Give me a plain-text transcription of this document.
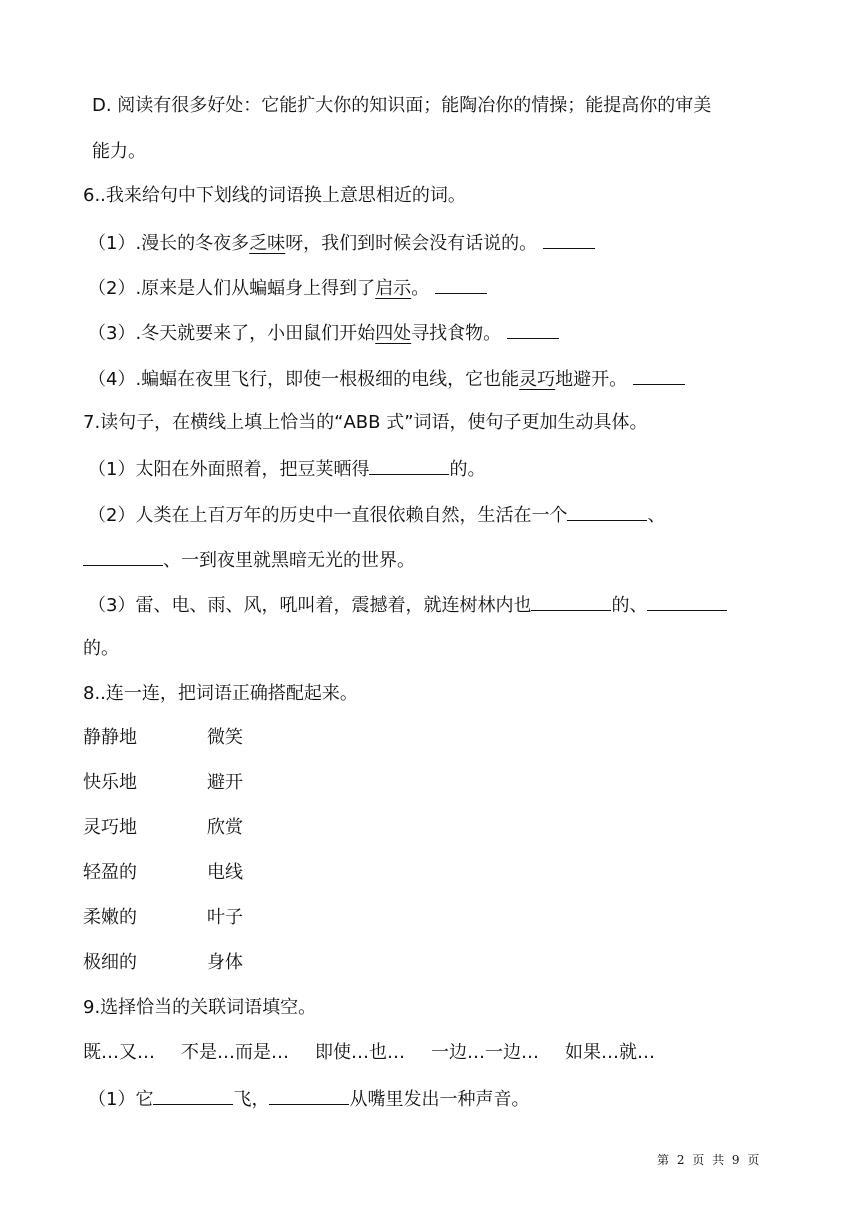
D. 阅读有很多好处：它能扩大你的知识面；能陶冶你的情操；能提高你的审美
能力。
6..我来给句中下划线的词语换上意思相近的词。
（1）.漫长的冬夜多乏味呀，我们到时候会没有话说的。
（2）.原来是人们从蝙蝠身上得到了启示。
（3）.冬天就要来了，小田鼠们开始四处寻找食物。
（4）.蝙蝠在夜里飞行，即使一根极细的电线，它也能灵巧地避开。
7.读句子，在横线上填上恰当的“ABB 式”词语，使句子更加生动具体。
（1）太阳在外面照着，把豆荚晒得	的。
（2）人类在上百万年的历史中一直很依赖自然，生活在一个	、
、一到夜里就黑暗无光的世界。
（3）雷、电、雨、风，吼叫着，震撼着，就连树林内也	的、
的。
8..连一连，把词语正确搭配起来。
静静地	微笑
快乐地	避开
灵巧地	欣赏
轻盈的	电线
柔嫩的	叶子
极细的	身体
9.选择恰当的关联词语填空。
既…又… 不是…而是… 即使…也… 一边…一边… 如果…就…
（1）它	飞，	从嘴里发出一种声音。
第 2 页 共 9 页
